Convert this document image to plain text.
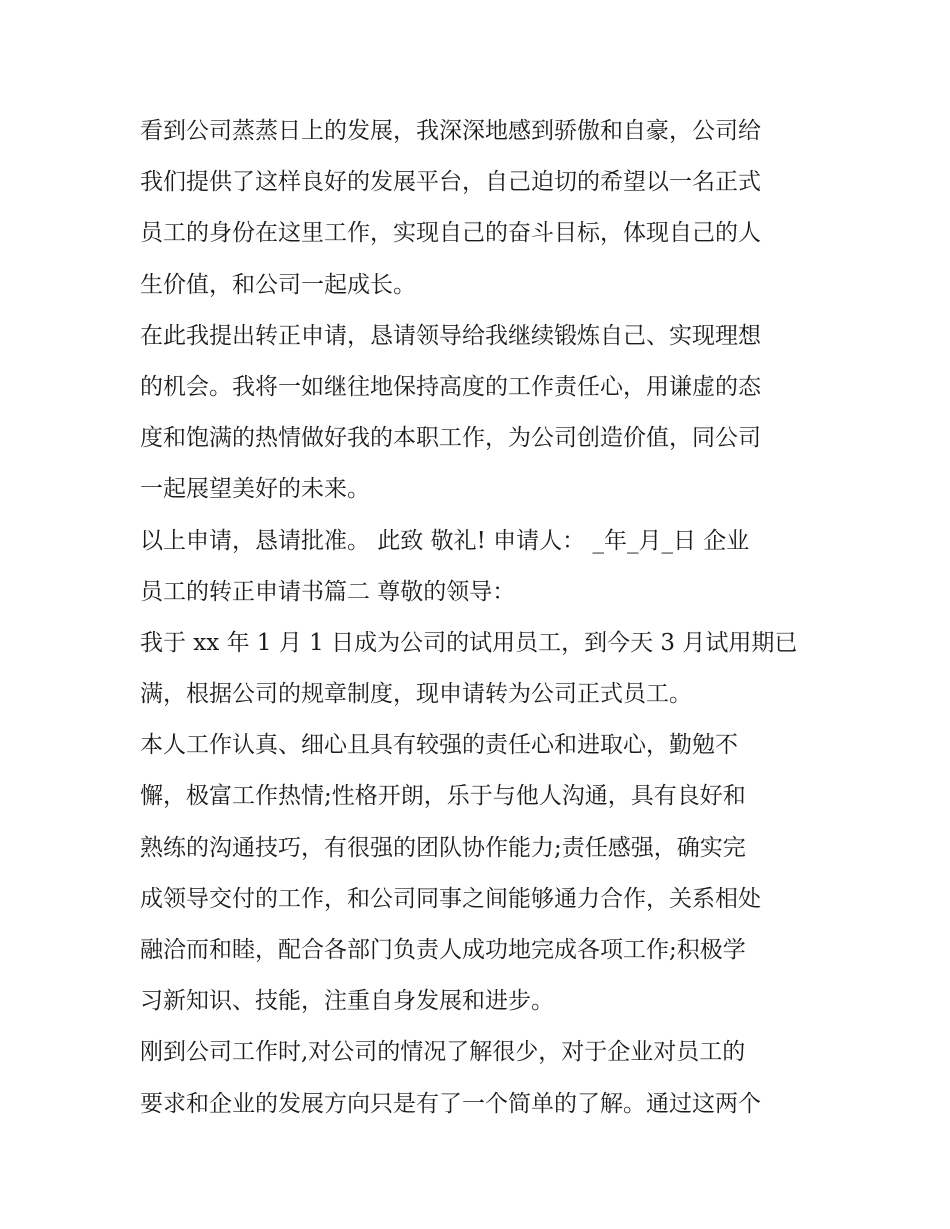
看到公司蒸蒸日上的发展，我深深地感到骄傲和自豪，公司给
我们提供了这样良好的发展平台，自己迫切的希望以一名正式
员工的身份在这里工作，实现自己的奋斗目标，体现自己的人
生价值，和公司一起成长。

在此我提出转正申请，恳请领导给我继续锻炼自己、实现理想
的机会。我将一如继往地保持高度的工作责任心，用谦虚的态
度和饱满的热情做好我的本职工作，为公司创造价值，同公司
一起展望美好的未来。

以上申请，恳请批准。 此致 敬礼! 申请人： _年_月_日 企业
员工的转正申请书篇二 尊敬的领导：

我于 xx 年 1 月 1 日成为公司的试用员工，到今天 3 月试用期已
满，根据公司的规章制度，现申请转为公司正式员工。

本人工作认真、细心且具有较强的责任心和进取心，勤勉不
懈，极富工作热情;性格开朗，乐于与他人沟通，具有良好和
熟练的沟通技巧，有很强的团队协作能力;责任感强，确实完
成领导交付的工作，和公司同事之间能够通力合作，关系相处
融洽而和睦，配合各部门负责人成功地完成各项工作;积极学
习新知识、技能，注重自身发展和进步。

刚到公司工作时,对公司的情况了解很少，对于企业对员工的
要求和企业的发展方向只是有了一个简单的了解。通过这两个
